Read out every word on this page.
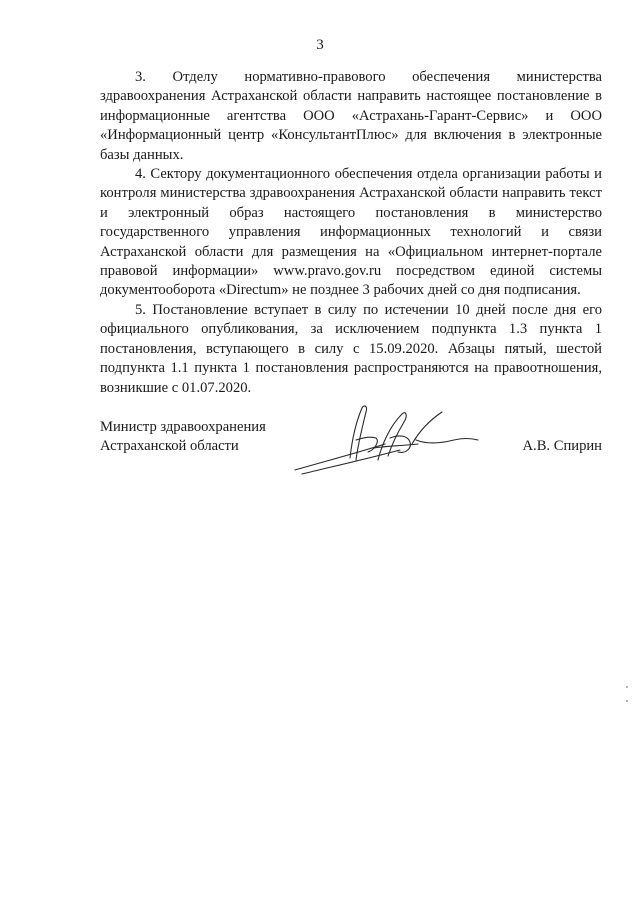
3

3. Отделу нормативно-правового обеспечения министерства здравоохранения Астраханской области направить настоящее постановление в информационные агентства ООО «Астрахань-Гарант-Сервис» и ООО «Информационный центр «КонсультантПлюс» для включения в электронные базы данных.

4. Сектору документационного обеспечения отдела организации работы и контроля министерства здравоохранения Астраханской области направить текст и электронный образ настоящего постановления в министерство государственного управления информационных технологий и связи Астраханской области для размещения на «Официальном интернет-портале правовой информации» www.pravo.gov.ru посредством единой системы документооборота «Directum» не позднее 3 рабочих дней со дня подписания.

5. Постановление вступает в силу по истечении 10 дней после дня его официального опубликования, за исключением подпункта 1.3 пункта 1 постановления, вступающего в силу с 15.09.2020. Абзацы пятый, шестой подпункта 1.1 пункта 1 постановления распространяются на правоотношения, возникшие с 01.07.2020.

Министр здравоохранения
Астраханской области	А.В. Спирин
